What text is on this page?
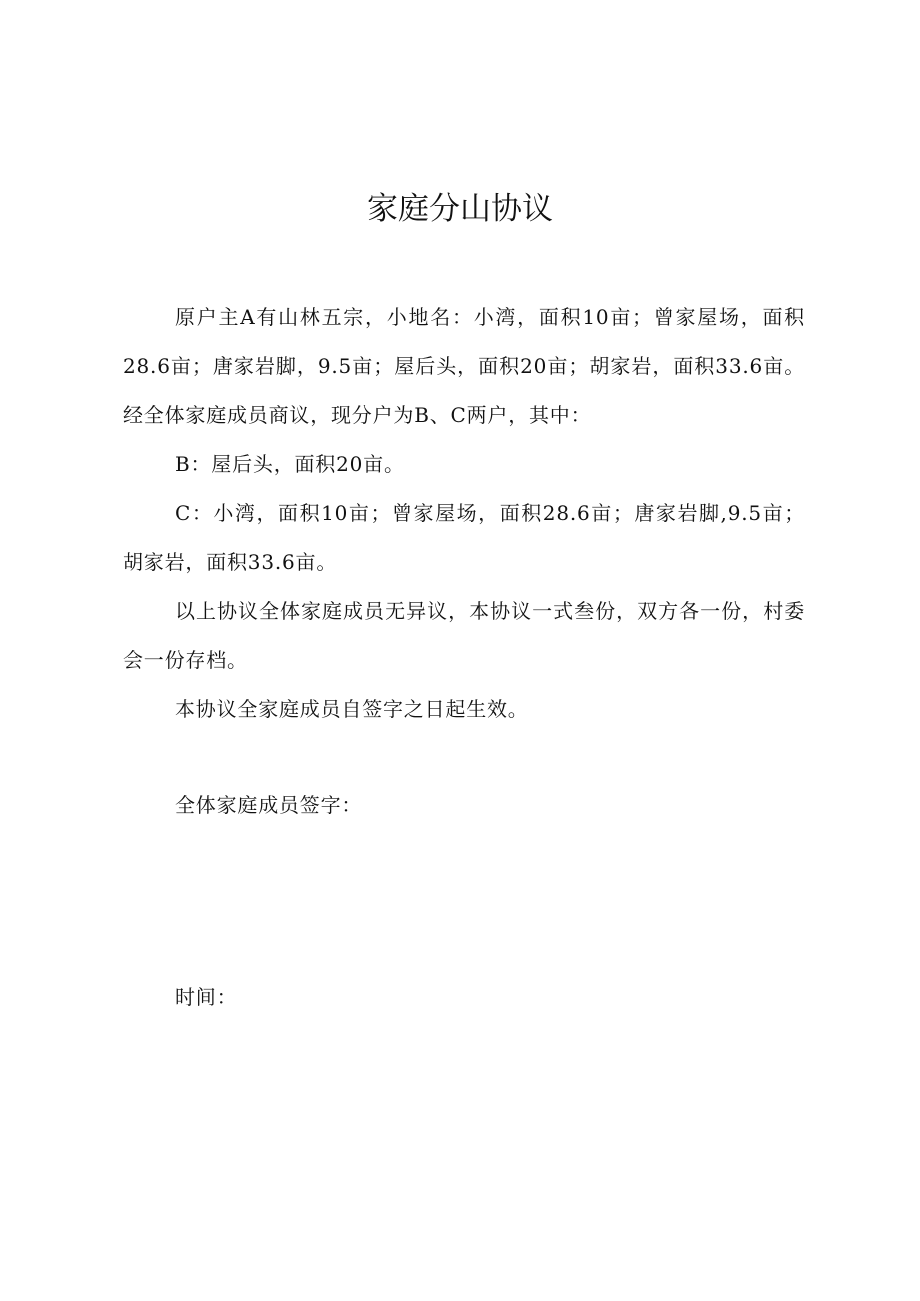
家庭分山协议

原户主A有山林五宗，小地名：小湾，面积10亩；曾家屋场，面积28.6亩；唐家岩脚，9.5亩；屋后头，面积20亩；胡家岩，面积33.6亩。经全体家庭成员商议，现分户为B、C两户，其中：

B：屋后头，面积20亩。

C：小湾，面积10亩；曾家屋场，面积28.6亩；唐家岩脚,9.5亩；胡家岩，面积33.6亩。

以上协议全体家庭成员无异议，本协议一式叁份，双方各一份，村委会一份存档。

本协议全家庭成员自签字之日起生效。

全体家庭成员签字：

时间：
